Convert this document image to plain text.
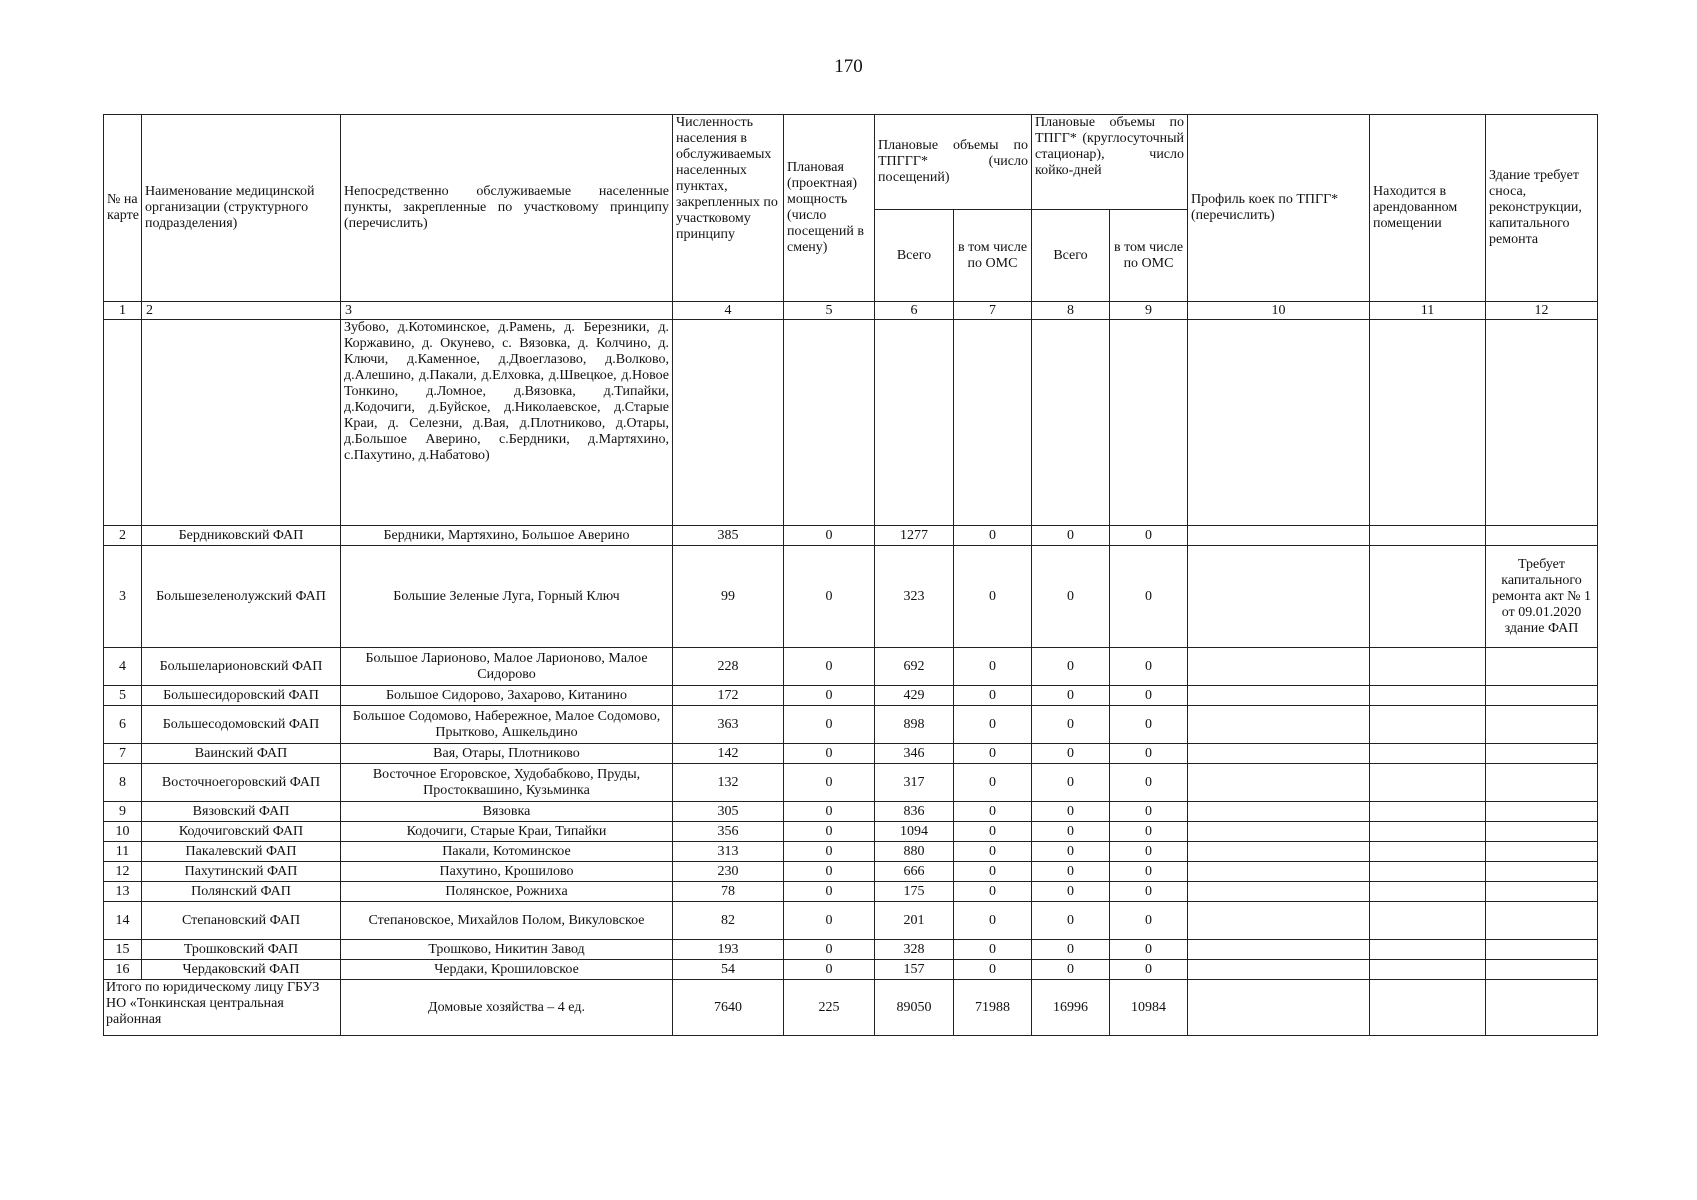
170
№ на карте	Наименование медицинской организации (структурного подразделения)	Непосредственно обслуживаемые населенные пункты, закрепленные по участковому принципу (перечислить)	Численность населения в обслуживаемых населенных пунктах, закрепленных по участковому принципу	Плановая (проектная) мощность (число посещений в смену)	Плановые объемы по ТПГГГ* (число посещений)		Плановые объемы по ТПГГ* (круглосуточный стационар), число койко-дней		Профиль коек по ТПГГ* (перечислить)	Находится в арендованном помещении	Здание требует сноса, реконструкции, капитального ремонта
					Всего	в том числе по ОМС	Всего	в том числе по ОМС			
1	2	3	4	5	6	7	8	9	10	11	12
		Зубово, д.Котоминское, д.Рамень, д. Березники, д. Коржавино, д. Окунево, с. Вязовка, д. Колчино, д. Ключи, д.Каменное, д.Двоеглазово, д.Волково, д.Алешино, д.Пакали, д.Елховка, д.Швецкое, д.Новое Тонкино, д.Ломное, д.Вязовка, д.Типайки, д.Кодочиги, д.Буйское, д.Николаевское, д.Старые Краи, д. Селезни, д.Вая, д.Плотниково, д.Отары, д.Большое Аверино, с.Бердники, д.Мартяхино, с.Пахутино, д.Набатово)									
2	Бердниковский ФАП	Бердники, Мартяхино, Большое Аверино	385	0	1277	0	0	0			
3	Большезеленолужский ФАП	Большие Зеленые Луга, Горный Ключ	99	0	323	0	0	0			Требует капитального ремонта акт № 1 от 09.01.2020 здание ФАП
4	Большеларионовский ФАП	Большое Ларионово, Малое Ларионово, Малое Сидорово	228	0	692	0	0	0			
5	Большесидоровский ФАП	Большое Сидорово, Захарово, Китанино	172	0	429	0	0	0			
6	Большесодомовский ФАП	Большое Содомово, Набережное, Малое Содомово, Прытково, Ашкельдино	363	0	898	0	0	0			
7	Ваинский ФАП	Вая, Отары, Плотниково	142	0	346	0	0	0			
8	Восточноегоровский ФАП	Восточное Егоровское, Худобабково, Пруды, Простоквашино, Кузьминка	132	0	317	0	0	0			
9	Вязовский ФАП	Вязовка	305	0	836	0	0	0			
10	Кодочиговский ФАП	Кодочиги, Старые Краи, Типайки	356	0	1094	0	0	0			
11	Пакалевский ФАП	Пакали, Котоминское	313	0	880	0	0	0			
12	Пахутинский ФАП	Пахутино, Крошилово	230	0	666	0	0	0			
13	Полянский ФАП	Полянское, Рожниха	78	0	175	0	0	0			
14	Степановский ФАП	Степановское, Михайлов Полом, Викуловское	82	0	201	0	0	0			
15	Трошковский ФАП	Трошково, Никитин Завод	193	0	328	0	0	0			
16	Чердаковский ФАП	Чердаки, Крошиловское	54	0	157	0	0	0			
Итого по юридическому лицу ГБУЗ НО «Тонкинская центральная районная		Домовые хозяйства – 4 ед.	7640	225	89050	71988	16996	10984			
